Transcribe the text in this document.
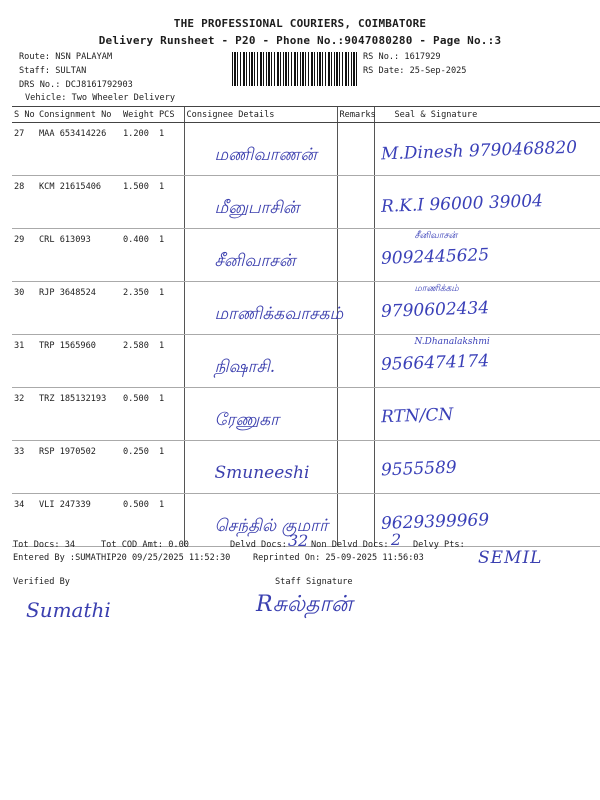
THE PROFESSIONAL COURIERS, COIMBATORE
Delivery Runsheet - P20 - Phone No.:9047080280 - Page No.:3
Route: NSN PALAYAM
Staff: SULTAN
DRS No.: DCJ8161792903
Vehicle: Two Wheeler Delivery
RS No.: 1617929
RS Date: 25-Sep-2025
S No	Consignment No	Weight	PCS	Consignee Details	Remarks	Seal & Signature
27	MAA 653414226	1.200	1	மணிவாணன்		M.Dinesh 9790468820

28	KCM 21615406	1.500	1	மீனுபாசின்		R.K.I 96000 39004

29	CRL 613093	0.400	1	சீனிவாசன்		சீனிவாசன்
9092445625

30	RJP 3648524	2.350	1	மாணிக்கவாசகம்		மாணிக்கம்
9790602434

31	TRP 1565960	2.580	1	நிஷாசி.		N.Dhanalakshmi
9566474174

32	TRZ 185132193	0.500	1	ரேணுகா		RTN/CN

33	RSP 1970502	0.250	1	Smuneeshi		9555589

34	VLI 247339	0.500	1	செந்தில் குமார்		9629399969
Tot Docs: 34	Tot COD Amt: 0.00	Delvd Docs: 32 Non Delvd Docs: 2 Delvy Pts:
SEMIL
Entered By :SUMATHIP20 09/25/2025 11:52:30	Reprinted On: 25-09-2025 11:56:03
Verified By	Staff Signature
Sumathi	Rசுல்தான்
